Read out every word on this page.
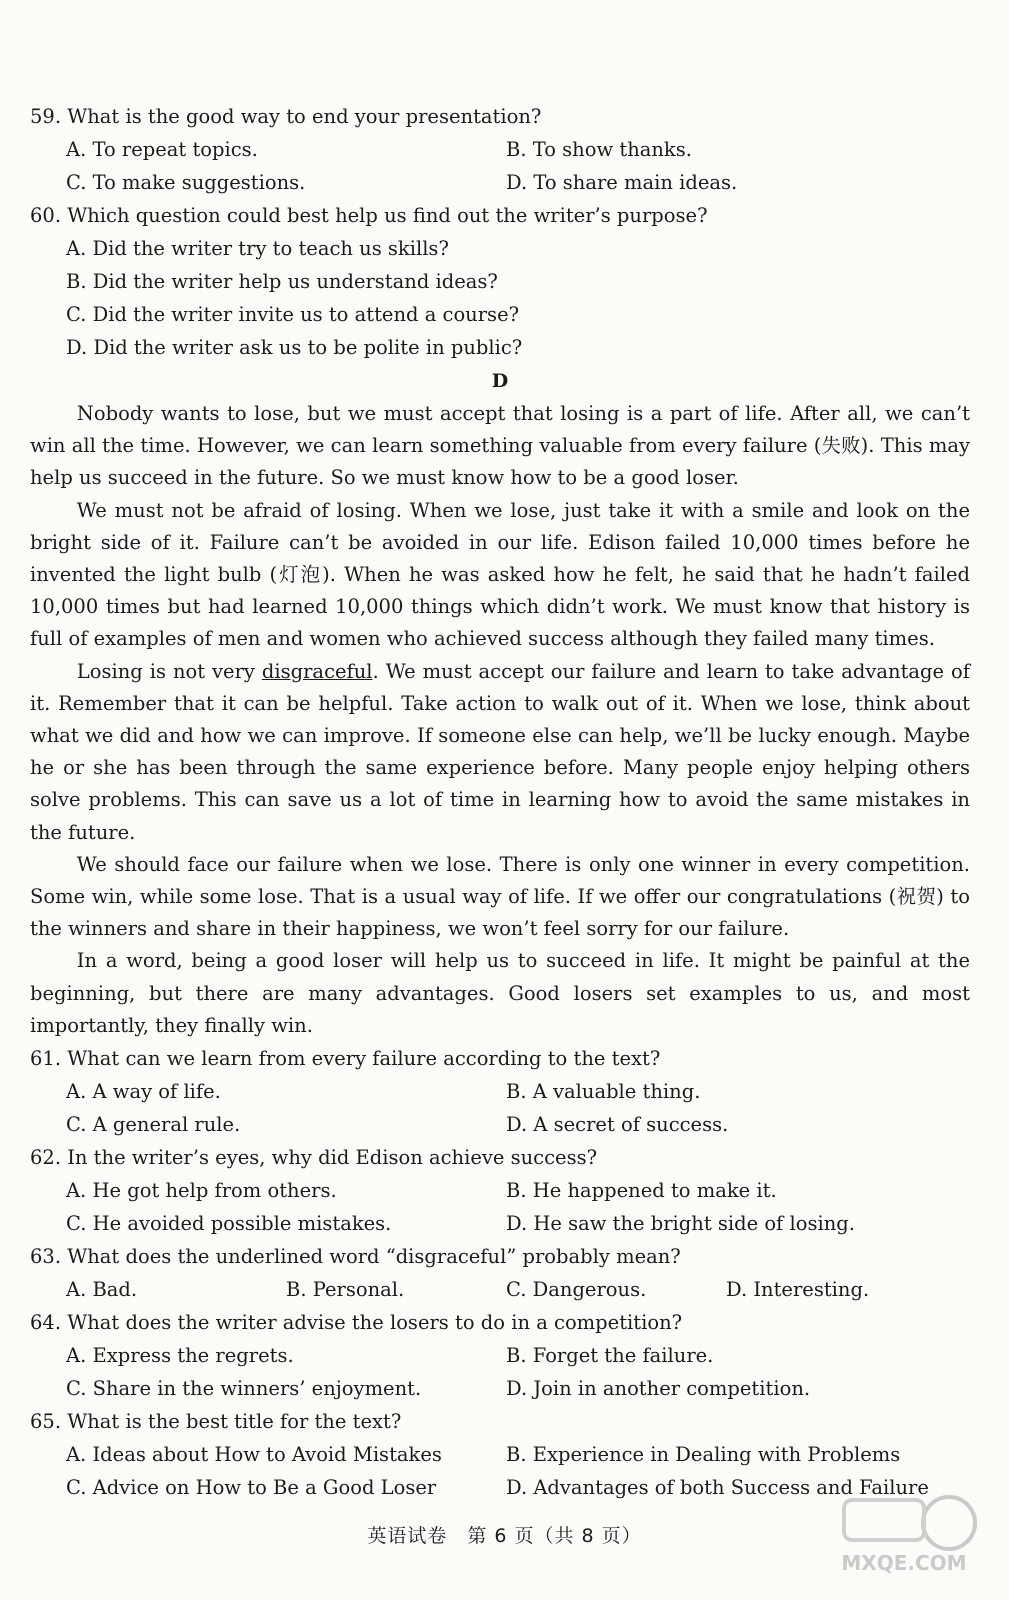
59. What is the good way to end your presentation?
A. To repeat topics.	B. To show thanks.
C. To make suggestions.	D. To share main ideas.
60. Which question could best help us find out the writer’s purpose?
A. Did the writer try to teach us skills?
B. Did the writer help us understand ideas?
C. Did the writer invite us to attend a course?
D. Did the writer ask us to be polite in public?
D

Nobody wants to lose, but we must accept that losing is a part of life. After all, we can’t win all the time. However, we can learn something valuable from every failure (失败). This may help us succeed in the future. So we must know how to be a good loser.

We must not be afraid of losing. When we lose, just take it with a smile and look on the bright side of it. Failure can’t be avoided in our life. Edison failed 10,000 times before he invented the light bulb (灯泡). When he was asked how he felt, he said that he hadn’t failed 10,000 times but had learned 10,000 things which didn’t work. We must know that history is full of examples of men and women who achieved success although they failed many times.

Losing is not very disgraceful. We must accept our failure and learn to take advantage of it. Remember that it can be helpful. Take action to walk out of it. When we lose, think about what we did and how we can improve. If someone else can help, we’ll be lucky enough. Maybe he or she has been through the same experience before. Many people enjoy helping others solve problems. This can save us a lot of time in learning how to avoid the same mistakes in the future.

We should face our failure when we lose. There is only one winner in every competition. Some win, while some lose. That is a usual way of life. If we offer our congratulations (祝贺) to the winners and share in their happiness, we won’t feel sorry for our failure.

In a word, being a good loser will help us to succeed in life. It might be painful at the beginning, but there are many advantages. Good losers set examples to us, and most importantly, they finally win.

61. What can we learn from every failure according to the text?
A. A way of life.	B. A valuable thing.
C. A general rule.	D. A secret of success.
62. In the writer’s eyes, why did Edison achieve success?
A. He got help from others.	B. He happened to make it.
C. He avoided possible mistakes.	D. He saw the bright side of losing.
63. What does the underlined word “disgraceful” probably mean?
A. Bad.	B. Personal.	C. Dangerous.	D. Interesting.
64. What does the writer advise the losers to do in a competition?
A. Express the regrets.	B. Forget the failure.
C. Share in the winners’ enjoyment.	D. Join in another competition.
65. What is the best title for the text?
A. Ideas about How to Avoid Mistakes	B. Experience in Dealing with Problems
C. Advice on How to Be a Good Loser	D. Advantages of both Success and Failure
英语试卷　第 6 页（共 8 页）
MXQE.COM
